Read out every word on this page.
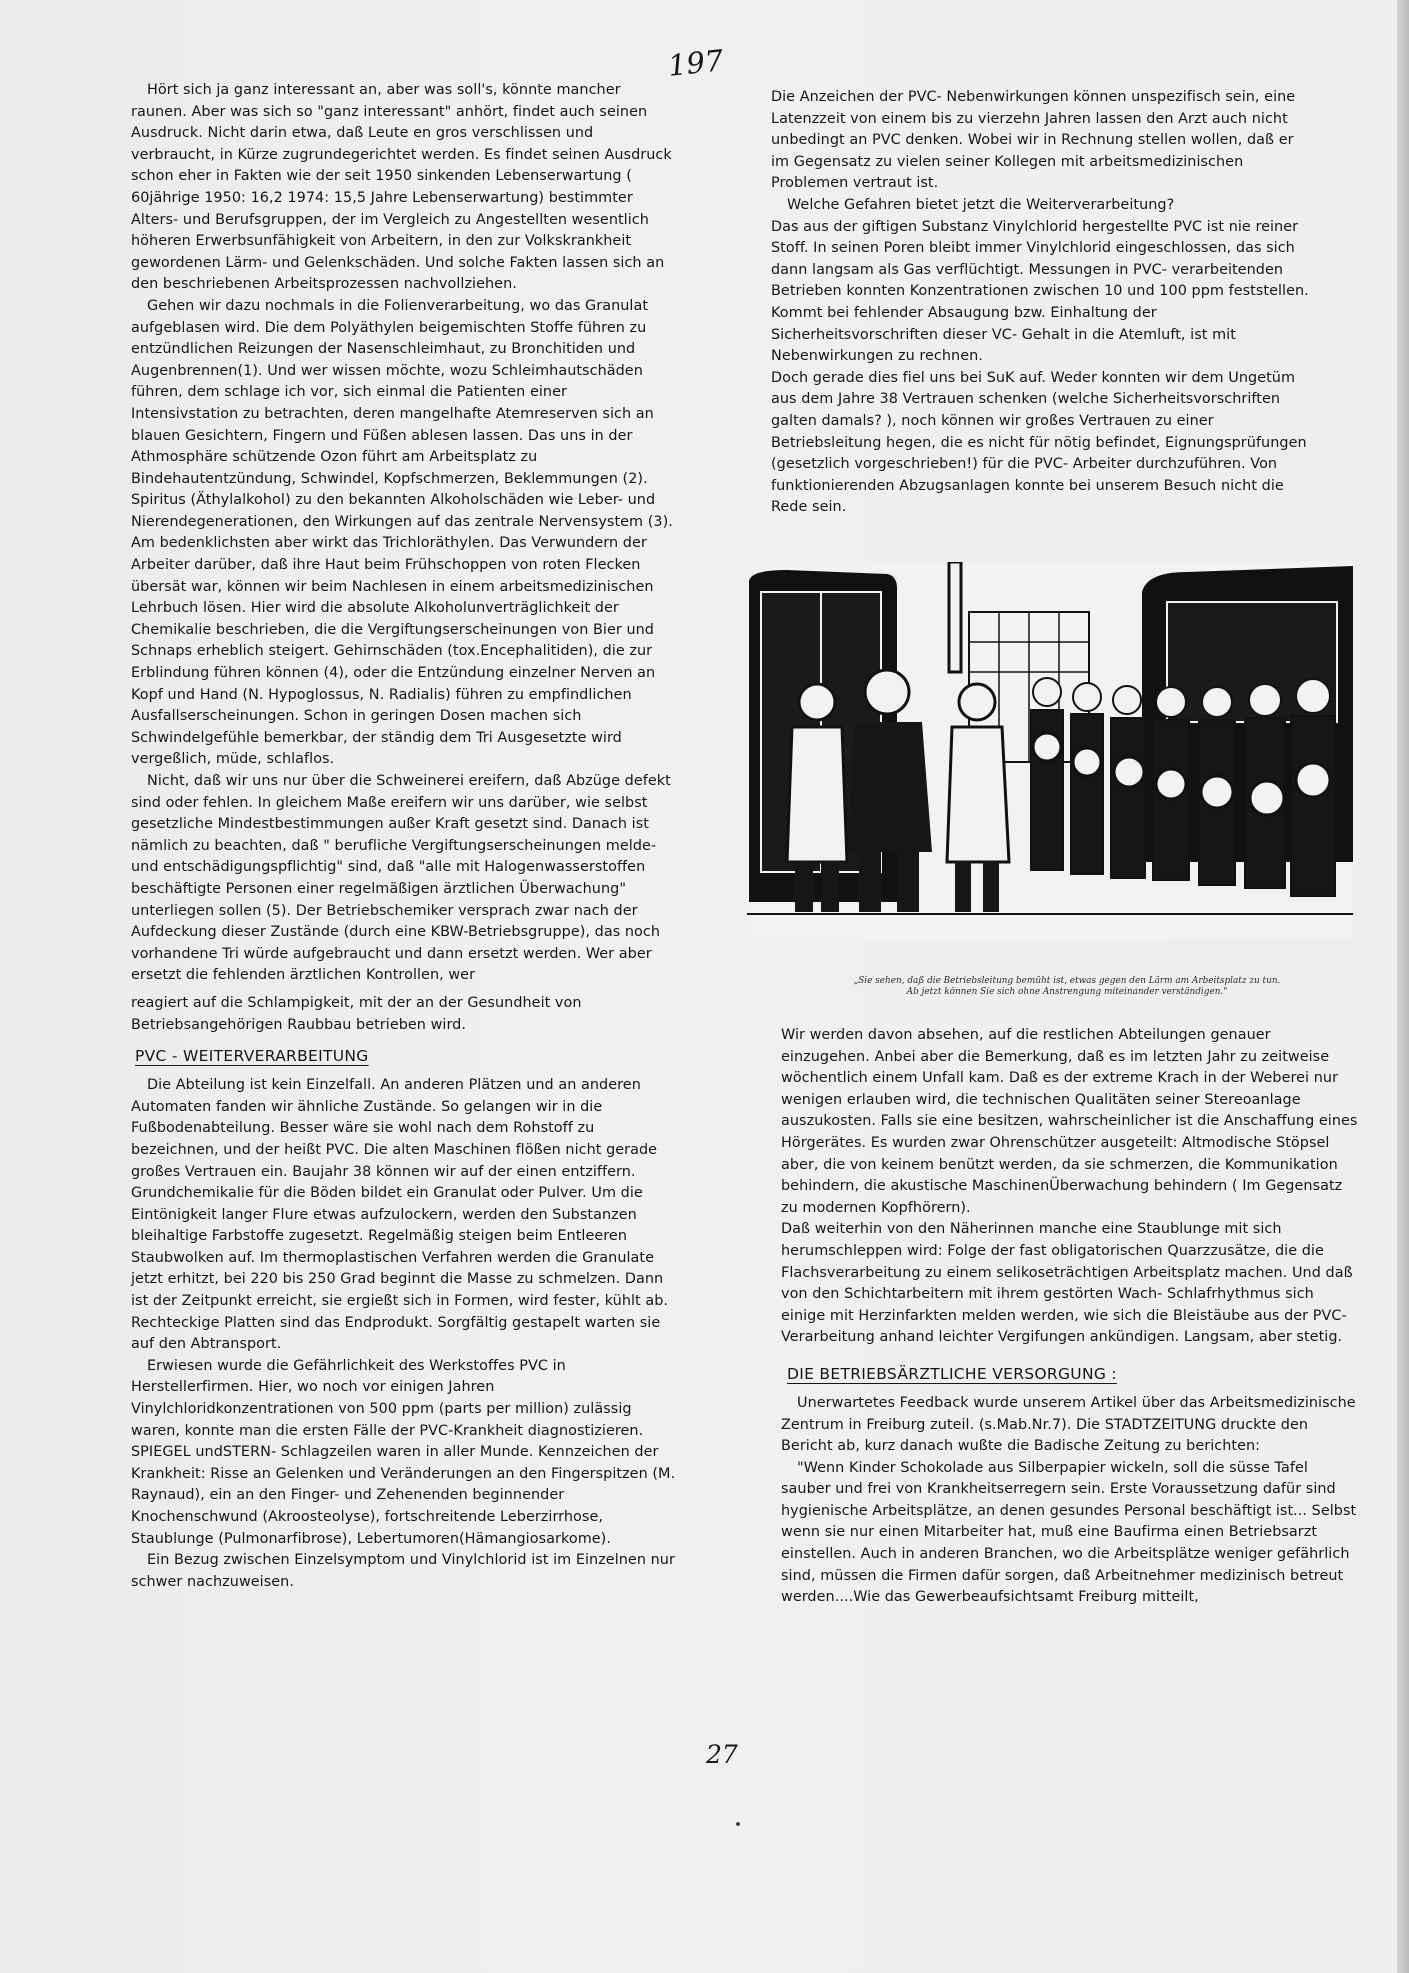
197

Hört sich ja ganz interessant an, aber was soll's, könnte mancher raunen. Aber was sich so "ganz interessant" anhört, findet auch seinen Ausdruck. Nicht darin etwa, daß Leute en gros verschlissen und verbraucht, in Kürze zugrundegerichtet werden. Es findet seinen Ausdruck schon eher in Fakten wie der seit 1950 sinkenden Lebenserwartung ( 60jährige 1950: 16,2 1974: 15,5 Jahre Lebenserwartung) bestimmter Alters- und Berufsgruppen, der im Vergleich zu Angestellten wesentlich höheren Erwerbsunfähigkeit von Arbeitern, in den zur Volkskrankheit gewordenen Lärm- und Gelenkschäden. Und solche Fakten lassen sich an den beschriebenen Arbeitsprozessen nachvollziehen.

Gehen wir dazu nochmals in die Folienverarbeitung, wo das Granulat aufgeblasen wird. Die dem Polyäthylen beigemischten Stoffe führen zu entzündlichen Reizungen der Nasenschleimhaut, zu Bronchitiden und Augenbrennen(1). Und wer wissen möchte, wozu Schleimhautschäden führen, dem schlage ich vor, sich einmal die Patienten einer Intensivstation zu betrachten, deren mangelhafte Atemreserven sich an blauen Gesichtern, Fingern und Füßen ablesen lassen. Das uns in der Athmosphäre schützende Ozon führt am Arbeitsplatz zu Bindehautentzündung, Schwindel, Kopfschmerzen, Beklemmungen (2). Spiritus (Äthylalkohol) zu den bekannten Alkoholschäden wie Leber- und Nierendegenerationen, den Wirkungen auf das zentrale Nervensystem (3). Am bedenklichsten aber wirkt das Trichloräthylen. Das Verwundern der Arbeiter darüber, daß ihre Haut beim Frühschoppen von roten Flecken übersät war, können wir beim Nachlesen in einem arbeitsmedizinischen Lehrbuch lösen. Hier wird die absolute Alkoholunverträglichkeit der Chemikalie beschrieben, die die Vergiftungserscheinungen von Bier und Schnaps erheblich steigert. Gehirnschäden (tox.Encephalitiden), die zur Erblindung führen können (4), oder die Entzündung einzelner Nerven an Kopf und Hand (N. Hypoglossus, N. Radialis) führen zu empfindlichen Ausfallserscheinungen. Schon in geringen Dosen machen sich Schwindelgefühle bemerkbar, der ständig dem Tri Ausgesetzte wird vergeßlich, müde, schlaflos.

Nicht, daß wir uns nur über die Schweinerei ereifern, daß Abzüge defekt sind oder fehlen. In gleichem Maße ereifern wir uns darüber, wie selbst gesetzliche Mindestbestimmungen außer Kraft gesetzt sind. Danach ist nämlich zu beachten, daß " berufliche Vergiftungserscheinungen melde- und entschädigungspflichtig" sind, daß "alle mit Halogenwasserstoffen beschäftigte Personen einer regelmäßigen ärztlichen Überwachung" unterliegen sollen (5). Der Betriebschemiker versprach zwar nach der Aufdeckung dieser Zustände (durch eine KBW-Betriebsgruppe), das noch vorhandene Tri würde aufgebraucht und dann ersetzt werden. Wer aber ersetzt die fehlenden ärztlichen Kontrollen, wer

reagiert auf die Schlampigkeit, mit der an der Gesundheit von Betriebsangehörigen Raubbau betrieben wird.

PVC - WEITERVERARBEITUNG

Die Abteilung ist kein Einzelfall. An anderen Plätzen und an anderen Automaten fanden wir ähnliche Zustände. So gelangen wir in die Fußbodenabteilung. Besser wäre sie wohl nach dem Rohstoff zu bezeichnen, und der heißt PVC. Die alten Maschinen flößen nicht gerade großes Vertrauen ein. Baujahr 38 können wir auf der einen entziffern. Grundchemikalie für die Böden bildet ein Granulat oder Pulver. Um die Eintönigkeit langer Flure etwas aufzulockern, werden den Substanzen bleihaltige Farbstoffe zugesetzt. Regelmäßig steigen beim Entleeren Staubwolken auf. Im thermoplastischen Verfahren werden die Granulate jetzt erhitzt, bei 220 bis 250 Grad beginnt die Masse zu schmelzen. Dann ist der Zeitpunkt erreicht, sie ergießt sich in Formen, wird fester, kühlt ab. Rechteckige Platten sind das Endprodukt. Sorgfältig gestapelt warten sie auf den Abtransport.

Erwiesen wurde die Gefährlichkeit des Werkstoffes PVC in Herstellerfirmen. Hier, wo noch vor einigen Jahren Vinylchloridkonzentrationen von 500 ppm (parts per million) zulässig waren, konnte man die ersten Fälle der PVC-Krankheit diagnostizieren. SPIEGEL undSTERN- Schlagzeilen waren in aller Munde. Kennzeichen der Krankheit: Risse an Gelenken und Veränderungen an den Fingerspitzen (M. Raynaud), ein an den Finger- und Zehenenden beginnender Knochenschwund (Akroosteolyse), fortschreitende Leberzirrhose, Staublunge (Pulmonarfibrose), Lebertumoren(Hämangiosarkome).

Ein Bezug zwischen Einzelsymptom und Vinylchlorid ist im Einzelnen nur schwer nachzuweisen.

Die Anzeichen der PVC- Nebenwirkungen können unspezifisch sein, eine Latenzzeit von einem bis zu vierzehn Jahren lassen den Arzt auch nicht unbedingt an PVC denken. Wobei wir in Rechnung stellen wollen, daß er im Gegensatz zu vielen seiner Kollegen mit arbeitsmedizinischen Problemen vertraut ist.

Welche Gefahren bietet jetzt die Weiterverarbeitung?

Das aus der giftigen Substanz Vinylchlorid hergestellte PVC ist nie reiner Stoff. In seinen Poren bleibt immer Vinylchlorid eingeschlossen, das sich dann langsam als Gas verflüchtigt. Messungen in PVC- verarbeitenden Betrieben konnten Konzentrationen zwischen 10 und 100 ppm feststellen. Kommt bei fehlender Absaugung bzw. Einhaltung der Sicherheitsvorschriften dieser VC- Gehalt in die Atemluft, ist mit Nebenwirkungen zu rechnen.

Doch gerade dies fiel uns bei SuK auf. Weder konnten wir dem Ungetüm aus dem Jahre 38 Vertrauen schenken (welche Sicherheitsvorschriften galten damals? ), noch können wir großes Vertrauen zu einer Betriebsleitung hegen, die es nicht für nötig befindet, Eignungsprüfungen (gesetzlich vorgeschrieben!) für die PVC- Arbeiter durchzuführen. Von funktionierenden Abzugsanlagen konnte bei unserem Besuch nicht die Rede sein.

„Sie sehen, daß die Betriebsleitung bemüht ist, etwas gegen den Lärm am Arbeitsplatz zu tun.
Ab jetzt können Sie sich ohne Anstrengung miteinander verständigen."

Wir werden davon absehen, auf die restlichen Abteilungen genauer einzugehen. Anbei aber die Bemerkung, daß es im letzten Jahr zu zeitweise wöchentlich einem Unfall kam. Daß es der extreme Krach in der Weberei nur wenigen erlauben wird, die technischen Qualitäten seiner Stereoanlage auszukosten. Falls sie eine besitzen, wahrscheinlicher ist die Anschaffung eines Hörgerätes. Es wurden zwar Ohrenschützer ausgeteilt: Altmodische Stöpsel aber, die von keinem benützt werden, da sie schmerzen, die Kommunikation behindern, die akustische MaschinenÜberwachung behindern ( Im Gegensatz zu modernen Kopfhörern).

Daß weiterhin von den Näherinnen manche eine Staublunge mit sich herumschleppen wird: Folge der fast obligatorischen Quarzzusätze, die die Flachsverarbeitung zu einem selikoseträchtigen Arbeitsplatz machen. Und daß von den Schichtarbeitern mit ihrem gestörten Wach- Schlafrhythmus sich einige mit Herzinfarkten melden werden, wie sich die Bleistäube aus der PVC-Verarbeitung anhand leichter Vergifungen ankündigen. Langsam, aber stetig.

DIE BETRIEBSÄRZTLICHE VERSORGUNG :

Unerwartetes Feedback wurde unserem Artikel über das Arbeitsmedizinische Zentrum in Freiburg zuteil. (s.Mab.Nr.7). Die STADTZEITUNG druckte den Bericht ab, kurz danach wußte die Badische Zeitung zu berichten:

"Wenn Kinder Schokolade aus Silberpapier wickeln, soll die süsse Tafel sauber und frei von Krankheitserregern sein. Erste Voraussetzung dafür sind hygienische Arbeitsplätze, an denen gesundes Personal beschäftigt ist... Selbst wenn sie nur einen Mitarbeiter hat, muß eine Baufirma einen Betriebsarzt einstellen. Auch in anderen Branchen, wo die Arbeitsplätze weniger gefährlich sind, müssen die Firmen dafür sorgen, daß Arbeitnehmer medizinisch betreut werden....Wie das Gewerbeaufsichtsamt Freiburg mitteilt,

27
